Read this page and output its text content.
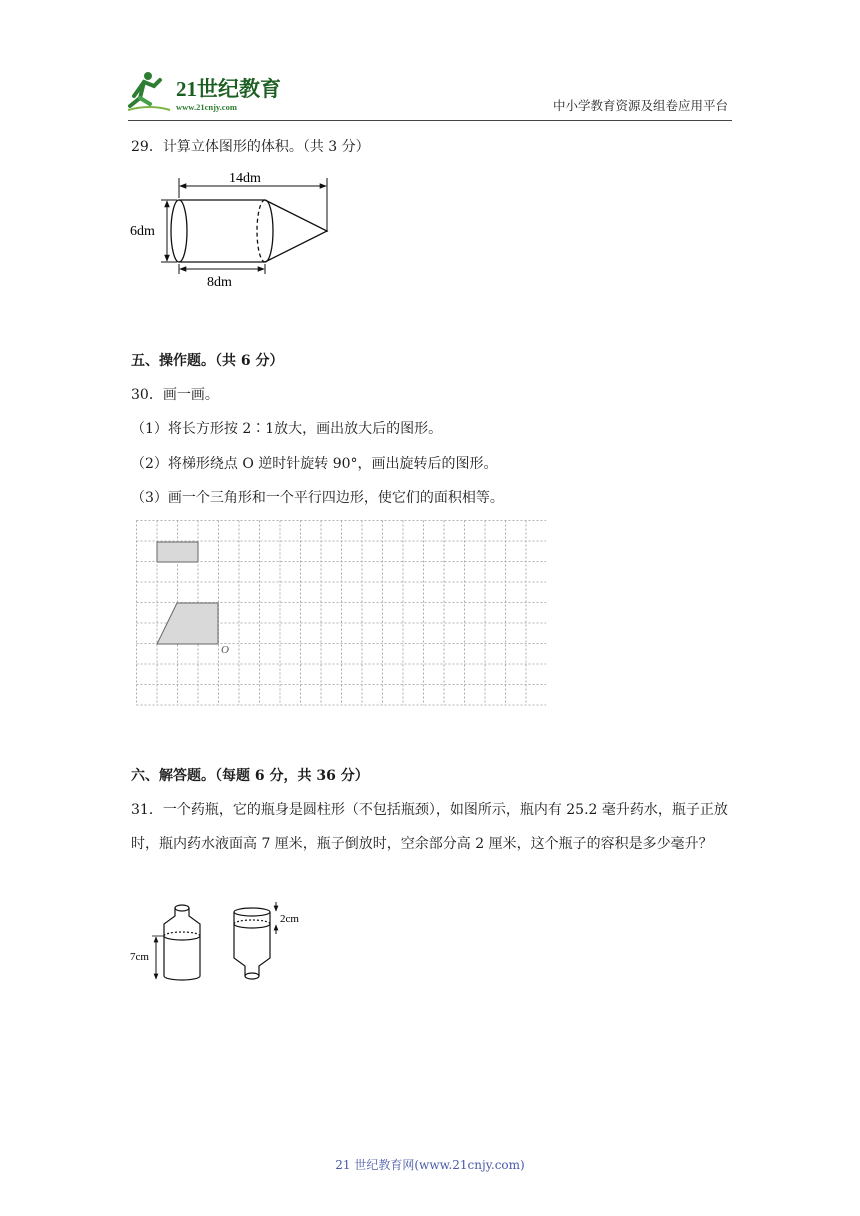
21世纪教育
www.21cnjy.com	中小学教育资源及组卷应用平台
29．计算立体图形的体积。（共 3 分）
14dm
6dm
8dm
五、操作题。（共 6 分）
30．画一画。
（1）将长方形按 2∶1放大，画出放大后的图形。
（2）将梯形绕点 O 逆时针旋转 90°，画出旋转后的图形。
（3）画一个三角形和一个平行四边形，使它们的面积相等。
O
六、解答题。（每题 6 分，共 36 分）
31．一个药瓶，它的瓶身是圆柱形（不包括瓶颈），如图所示，瓶内有 25.2 毫升药水，瓶子正放时，瓶内药水液面高 7 厘米，瓶子倒放时，空余部分高 2 厘米，这个瓶子的容积是多少毫升？
7cm
2cm
21 世纪教育网(www.21cnjy.com)
